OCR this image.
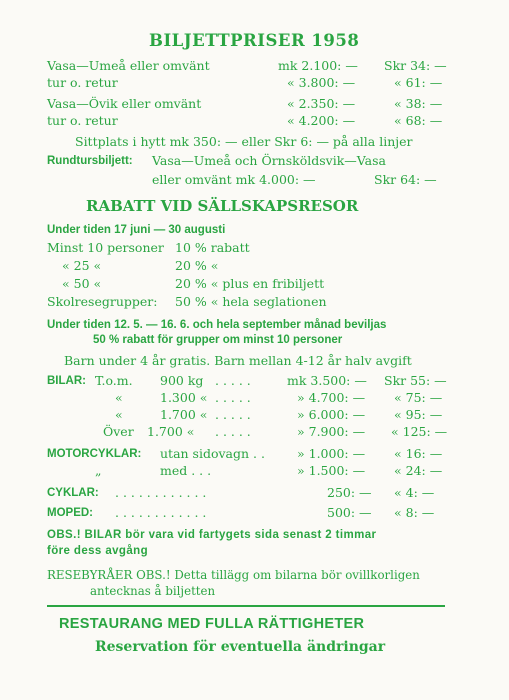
BILJETTPRISER 1958
Vasa—Umeå eller omvänt	mk 2.100: — Skr 34: —
tur o. retur	« 3.800: —	« 61: —
Vasa—Övik eller omvänt	« 2.350: —	« 38: —
tur o. retur	« 4.200: —	« 68: —
Sittplats i hytt mk 350: — eller Skr 6: — på alla linjer
Rundtursbiljett: Vasa—Umeå och Örnsköldsvik—Vasa
eller omvänt mk 4.000: —	Skr 64: —
RABATT VID SÄLLSKAPSRESOR
Under tiden 17 juni — 30 augusti
Minst 10 personer 10 % rabatt
« 25 «	20 % «
« 50 «	20 % « plus en fribiljett
Skolresegrupper: 50 % « hela seglationen
Under tiden 12. 5. — 16. 6. och hela september månad beviljas
50 % rabatt för grupper om minst 10 personer
Barn under 4 år gratis. Barn mellan 4-12 år halv avgift
BILAR: T.o.m. 900 kg . . . . .	mk 3.500: — Skr 55: —
«	1.300 « . . . . .	» 4.700: — « 75: —
«	1.700 « . . . . .	» 6.000: — « 95: —
Över 1.700 « . . . . .	» 7.900: — « 125: —
MOTORCYKLAR: utan sidovagn . .	» 1.000: — « 16: —
„	med . . .	» 1.500: — « 24: —
CYKLAR: . . . . . . . . . . . .	250: — « 4: —
MOPED: . . . . . . . . . . . .	500: — « 8: —
OBS.! BILAR bör vara vid fartygets sida senast 2 timmar
före dess avgång
RESEBYRÅER OBS.! Detta tillägg om bilarna bör ovillkorligen
antecknas å biljetten
RESTAURANG MED FULLA RÄTTIGHETER
Reservation för eventuella ändringar
